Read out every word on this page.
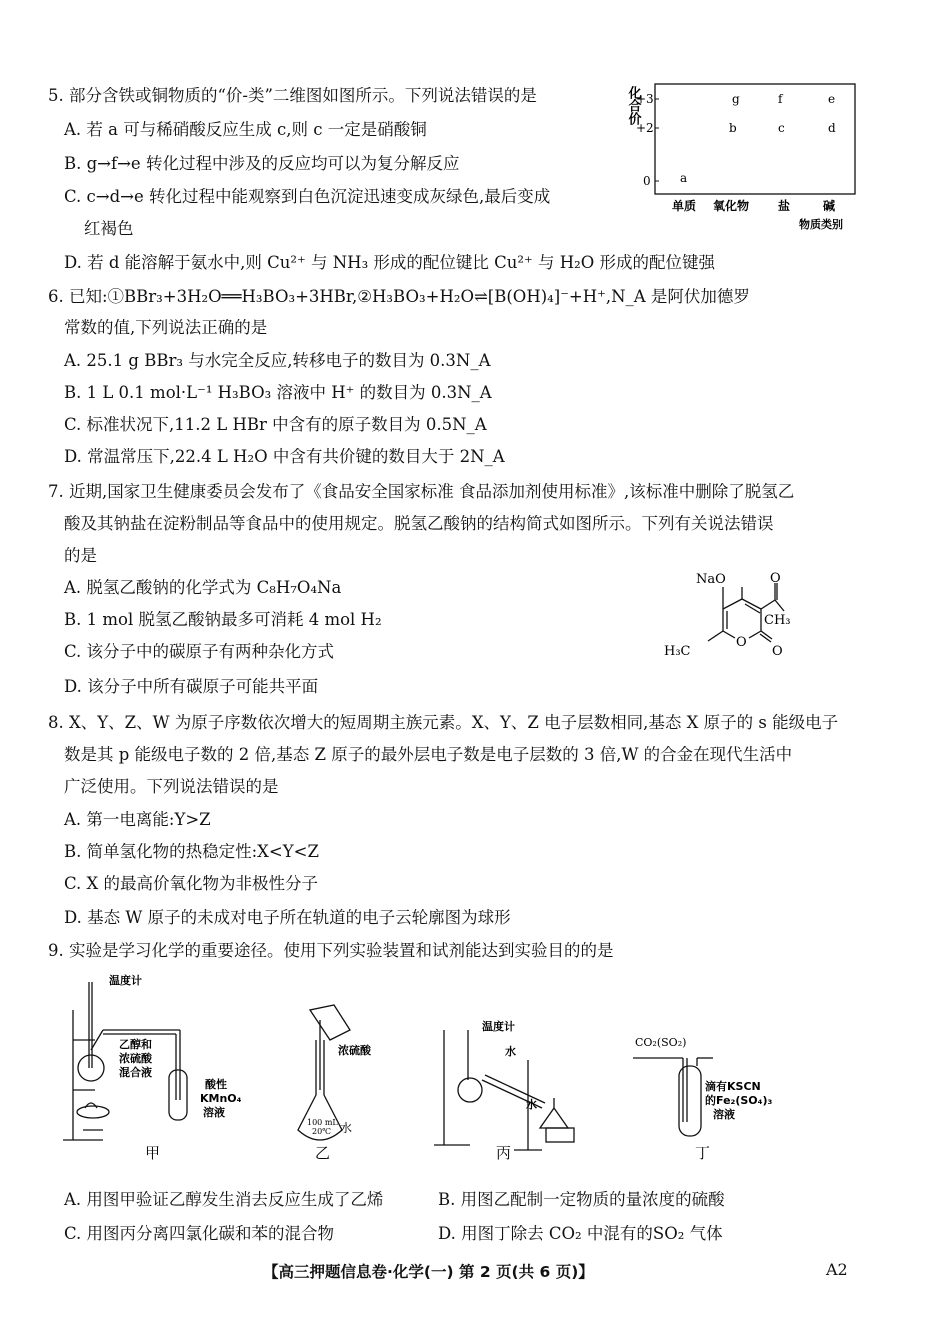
5. 部分含铁或铜物质的“价-类”二维图如图所示。下列说法错误的是
A. 若 a 可与稀硝酸反应生成 c,则 c 一定是硝酸铜
B. g→f→e 转化过程中涉及的反应均可以为复分解反应
C. c→d→e 转化过程中能观察到白色沉淀迅速变成灰绿色,最后变成
红褐色
D. 若 d 能溶解于氨水中,则 Cu²⁺ 与 NH₃ 形成的配位键比 Cu²⁺ 与 H₂O 形成的配位键强
化合价
+3
+2
0
g	f	e
b	c	d
a
单质 氧化物 盐	碱
物质类别
6. 已知:①BBr₃+3H₂O══H₃BO₃+3HBr,②H₃BO₃+H₂O⇌[B(OH)₄]⁻+H⁺,N_A 是阿伏加德罗
常数的值,下列说法正确的是
A. 25.1 g BBr₃ 与水完全反应,转移电子的数目为 0.3N_A
B. 1 L 0.1 mol·L⁻¹ H₃BO₃ 溶液中 H⁺ 的数目为 0.3N_A
C. 标准状况下,11.2 L HBr 中含有的原子数目为 0.5N_A
D. 常温常压下,22.4 L H₂O 中含有共价键的数目大于 2N_A
7. 近期,国家卫生健康委员会发布了《食品安全国家标准 食品添加剂使用标准》,该标准中删除了脱氢乙
酸及其钠盐在淀粉制品等食品中的使用规定。脱氢乙酸钠的结构简式如图所示。下列有关说法错误
的是
A. 脱氢乙酸钠的化学式为 C₈H₇O₄Na
B. 1 mol 脱氢乙酸钠最多可消耗 4 mol H₂
C. 该分子中的碳原子有两种杂化方式
D. 该分子中所有碳原子可能共平面
NaO	O
CH₃
H₃C
O
O
8. X、Y、Z、W 为原子序数依次增大的短周期主族元素。X、Y、Z 电子层数相同,基态 X 原子的 s 能级电子
数是其 p 能级电子数的 2 倍,基态 Z 原子的最外层电子数是电子层数的 3 倍,W 的合金在现代生活中
广泛使用。下列说法错误的是
A. 第一电离能:Y>Z
B. 简单氢化物的热稳定性:X<Y<Z
C. X 的最高价氧化物为非极性分子
D. 基态 W 原子的未成对电子所在轨道的电子云轮廓图为球形
9. 实验是学习化学的重要途径。使用下列实验装置和试剂能达到实验目的的是
温度计
乙醇和
浓硫酸
混合液
酸性
KMnO₄
溶液
甲
浓硫酸
100 mL
20℃ 水
乙
温度计
水
水
丙
CO₂(SO₂)
滴有KSCN
的Fe₂(SO₄)₃
溶液
丁
A. 用图甲验证乙醇发生消去反应生成了乙烯	B. 用图乙配制一定物质的量浓度的硫酸
C. 用图丙分离四氯化碳和苯的混合物	D. 用图丁除去 CO₂ 中混有的SO₂ 气体
【高三押题信息卷·化学(一) 第 2 页(共 6 页)】	A2
